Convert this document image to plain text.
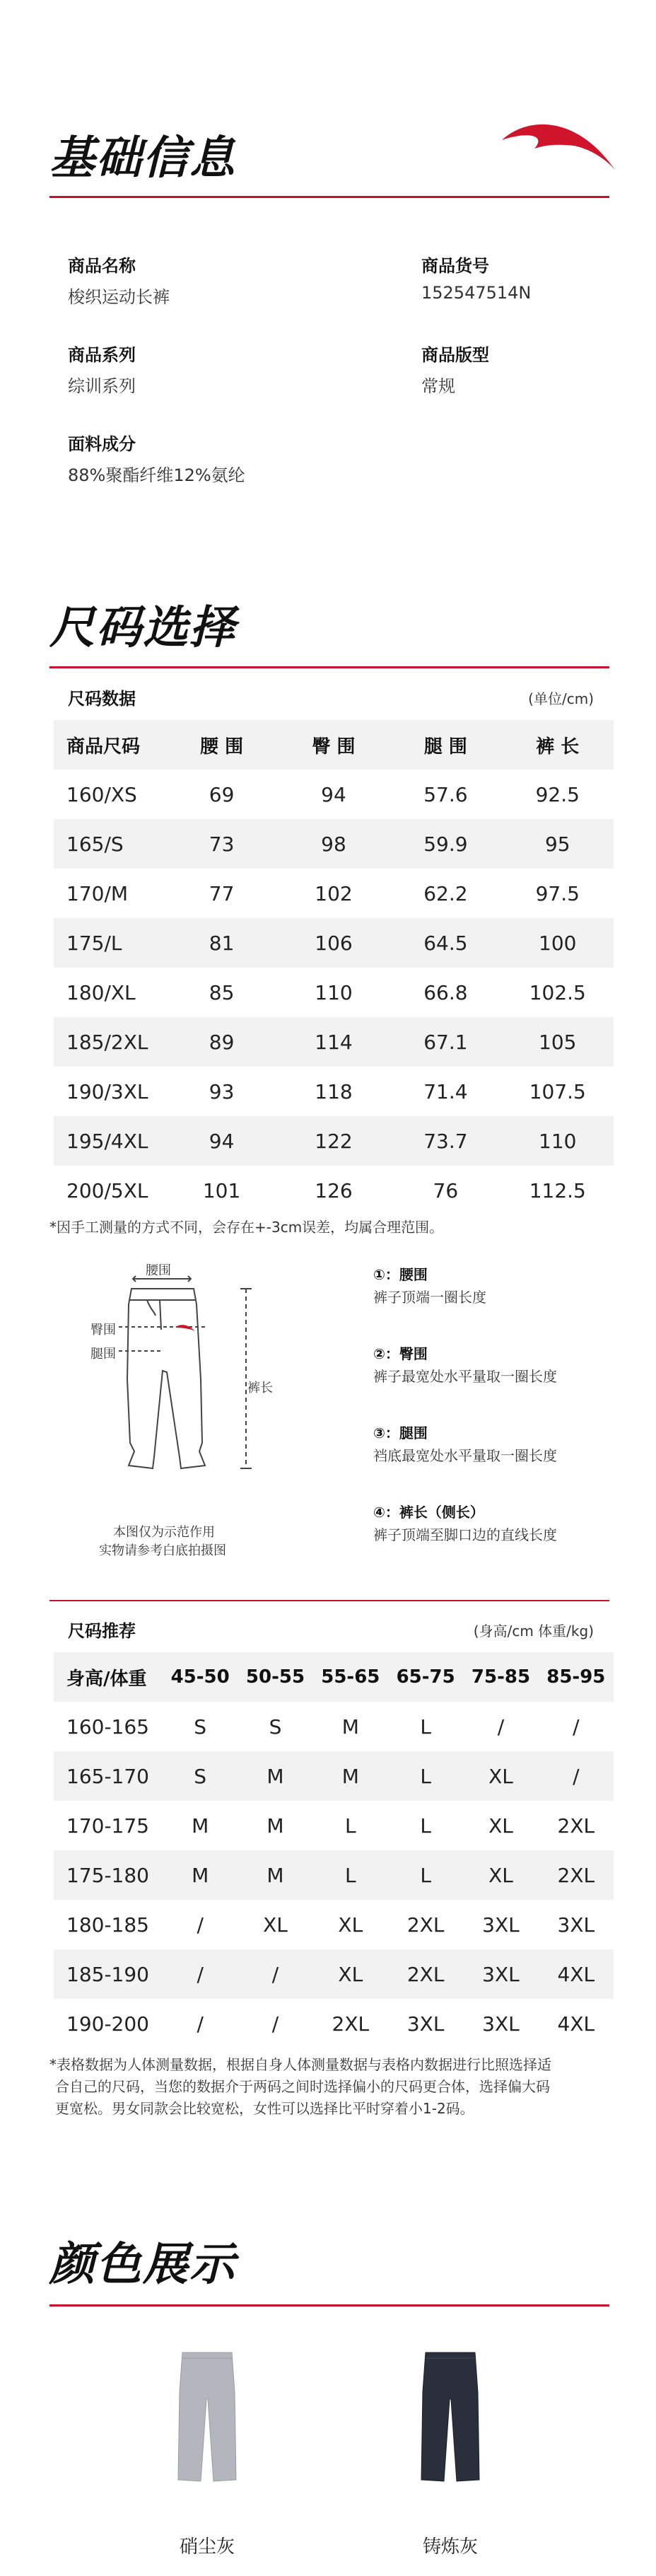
基础信息
商品名称
梭织运动长裤
商品货号
152547514N
商品系列
综训系列
商品版型
常规
面料成分
88%聚酯纤维12%氨纶
尺码选择
尺码数据	(单位/cm)
商品尺码	腰 围	臀 围	腿 围	裤 长
160/XS	69	94	57.6	92.5
165/S	73	98	59.9	95
170/M	77	102	62.2	97.5
175/L	81	106	64.5	100
180/XL	85	110	66.8	102.5
185/2XL	89	114	67.1	105
190/3XL	93	118	71.4	107.5
195/4XL	94	122	73.7	110
200/5XL	101	126	76	112.5
*因手工测量的方式不同，会存在+-3cm误差，均属合理范围。
腰围
臀围
腿围
裤长
本图仅为示范作用
实物请参考白底拍摄图
①：腰围
裤子顶端一圈长度
②：臀围
裤子最宽处水平量取一圈长度
③：腿围
裆底最宽处水平量取一圈长度
④：裤长（侧长）
裤子顶端至脚口边的直线长度
尺码推荐	(身高/cm 体重/kg)
身高/体重	45-50	50-55	55-65	65-75	75-85	85-95
160-165	S	S	M	L	/	/
165-170	S	M	M	L	XL	/
170-175	M	M	L	L	XL	2XL
175-180	M	M	L	L	XL	2XL
180-185	/	XL	XL	2XL	3XL	3XL
185-190	/	/	XL	2XL	3XL	4XL
190-200	/	/	2XL	3XL	3XL	4XL
*表格数据为人体测量数据，根据自身人体测量数据与表格内数据进行比照选择适
合自己的尺码，当您的数据介于两码之间时选择偏小的尺码更合体，选择偏大码
更宽松。男女同款会比较宽松，女性可以选择比平时穿着小1-2码。
颜色展示
硝尘灰	铸炼灰
